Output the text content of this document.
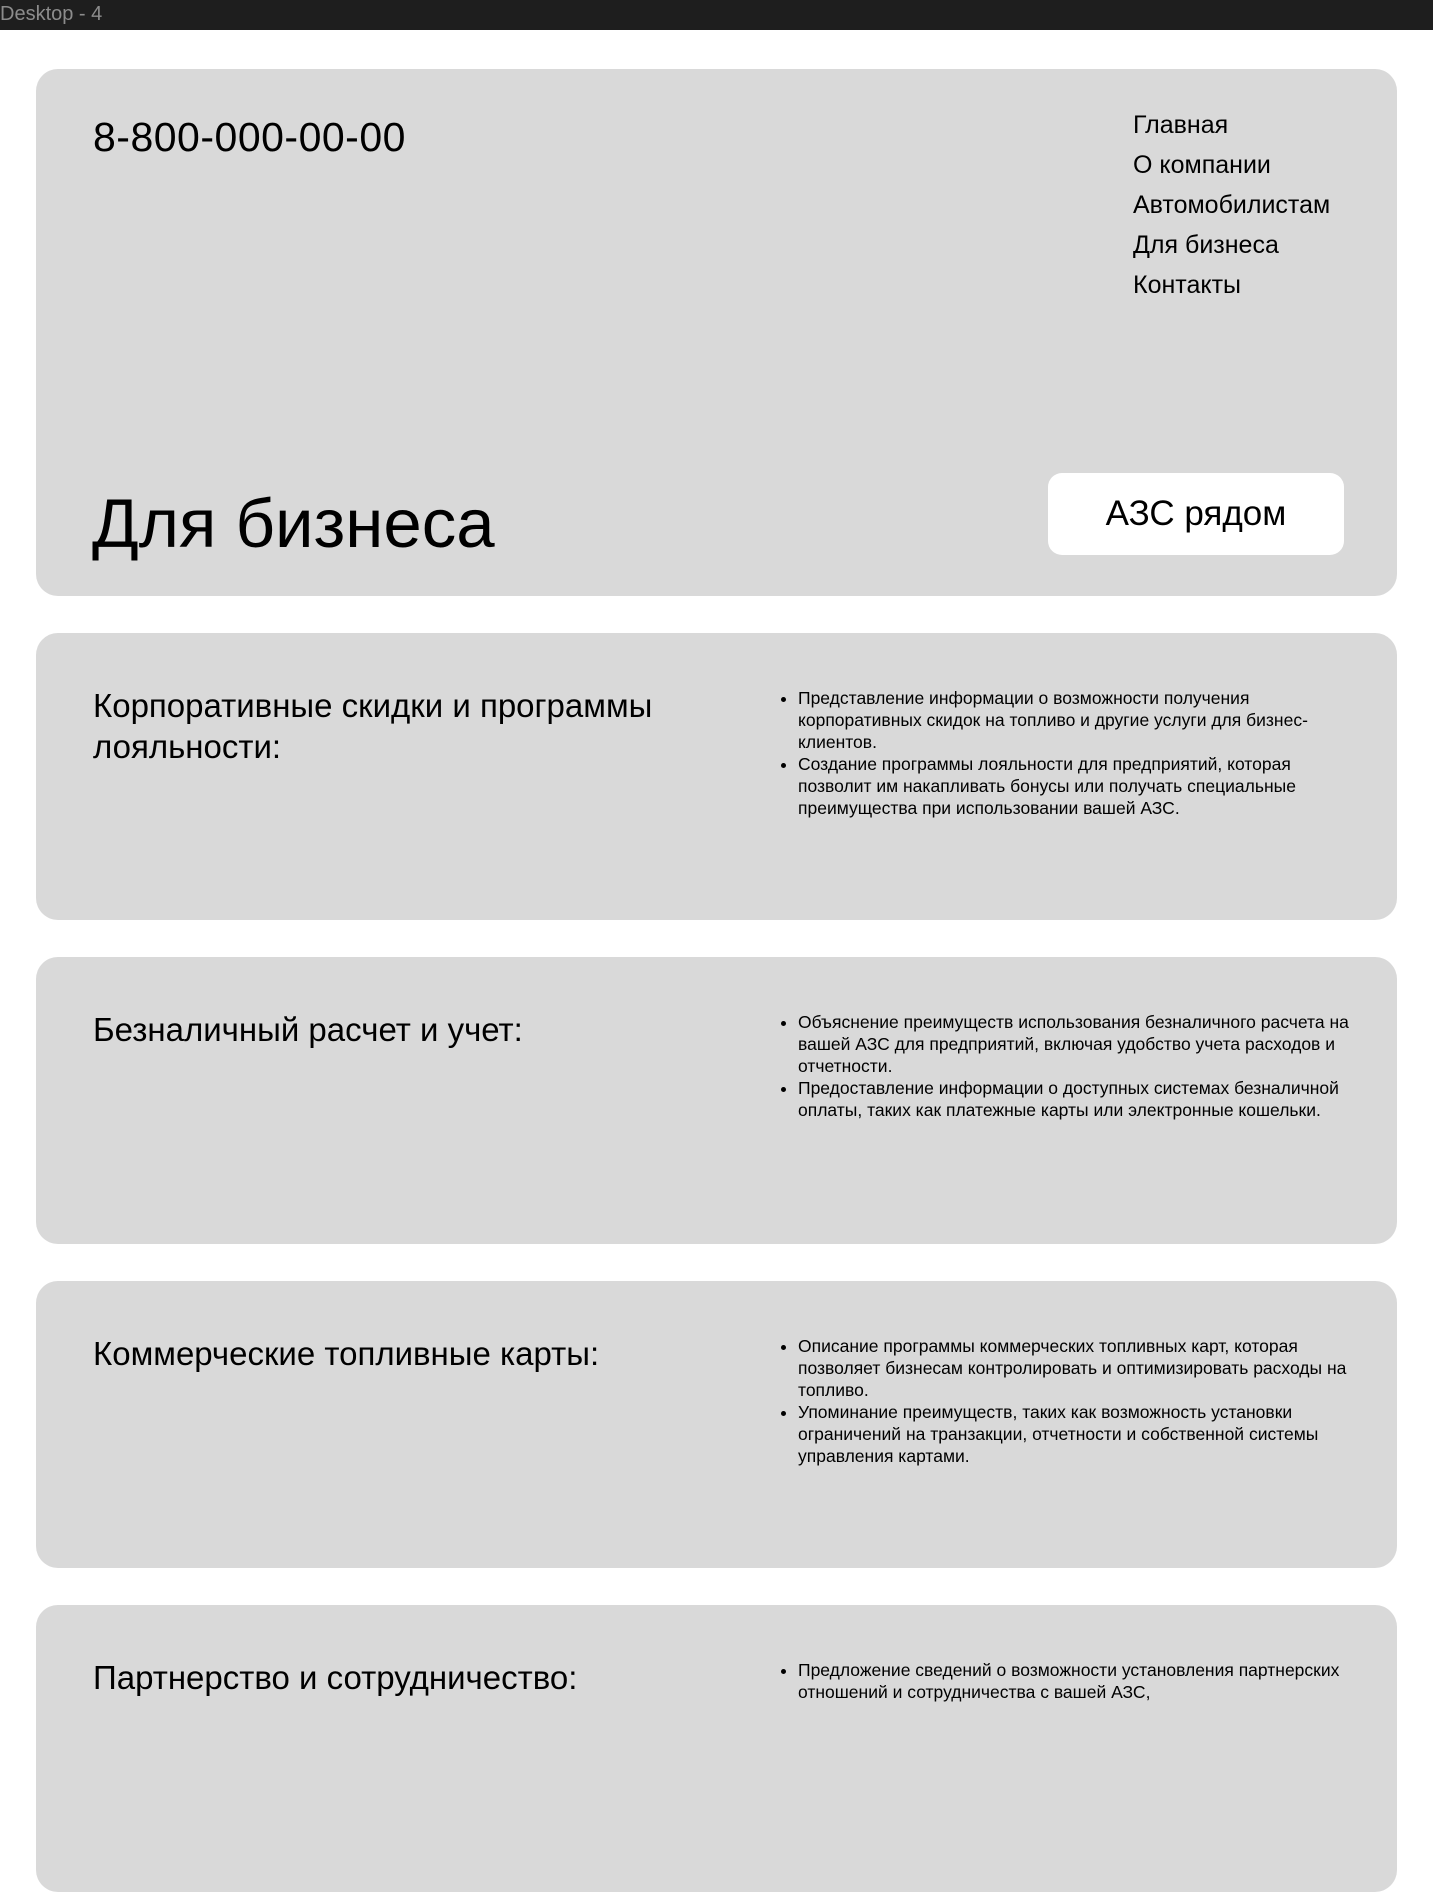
Desktop - 4
8-800-000-00-00	Главная
О компании
Автомобилистам
Для бизнеса
Контакты
Для бизнеса	АЗС рядом
Корпоративные скидки и программы лояльности:
• Представление информации о возможности получения корпоративных скидок на топливо и другие услуги для бизнес-клиентов.
• Создание программы лояльности для предприятий, которая позволит им накапливать бонусы или получать специальные преимущества при использовании вашей АЗС.
Безналичный расчет и учет:	• Объяснение преимуществ использования безналичного расчета на вашей АЗС для предприятий, включая удобство учета расходов и отчетности.
• Предоставление информации о доступных системах безналичной оплаты, таких как платежные карты или электронные кошельки.
Коммерческие топливные карты:	• Описание программы коммерческих топливных карт, которая позволяет бизнесам контролировать и оптимизировать расходы на топливо.
• Упоминание преимуществ, таких как возможность установки ограничений на транзакции, отчетности и собственной системы управления картами.
Партнерство и сотрудничество:	• Предложение сведений о возможности установления партнерских отношений и сотрудничества с вашей АЗС,
